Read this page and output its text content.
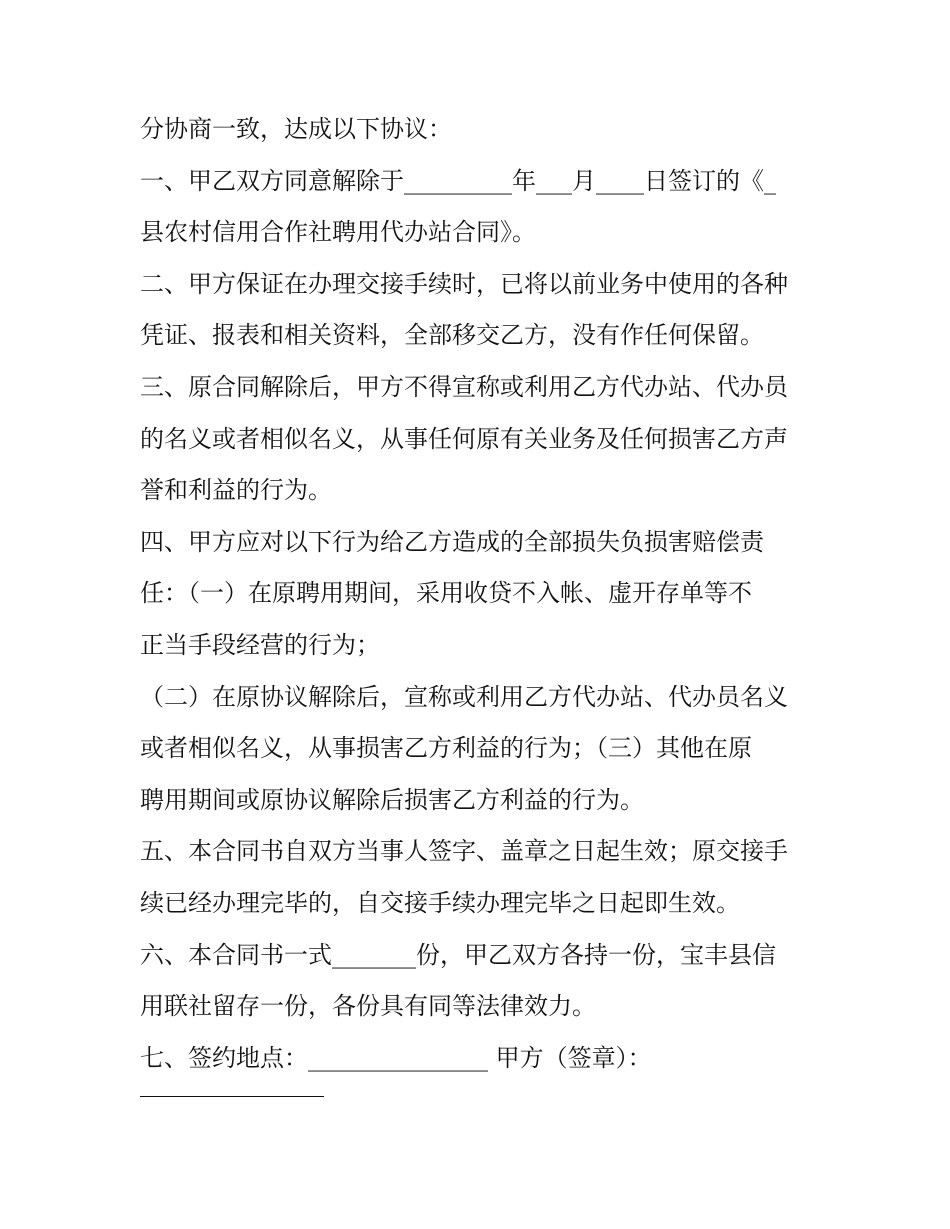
分协商一致，达成以下协议：
一、甲乙双方同意解除于_________年___月____日签订的《_
县农村信用合作社聘用代办站合同》。
二、甲方保证在办理交接手续时，已将以前业务中使用的各种
凭证、报表和相关资料，全部移交乙方，没有作任何保留。
三、原合同解除后，甲方不得宣称或利用乙方代办站、代办员
的名义或者相似名义，从事任何原有关业务及任何损害乙方声
誉和利益的行为。
四、甲方应对以下行为给乙方造成的全部损失负损害赔偿责
任：（一）在原聘用期间，采用收贷不入帐、虚开存单等不
正当手段经营的行为；
（二）在原协议解除后，宣称或利用乙方代办站、代办员名义
或者相似名义，从事损害乙方利益的行为；（三）其他在原
聘用期间或原协议解除后损害乙方利益的行为。
五、本合同书自双方当事人签字、盖章之日起生效；原交接手
续已经办理完毕的，自交接手续办理完毕之日起即生效。
六、本合同书一式_______份，甲乙双方各持一份，宝丰县信
用联社留存一份，各份具有同等法律效力。
七、签约地点：_______________ 甲方（签章）：
